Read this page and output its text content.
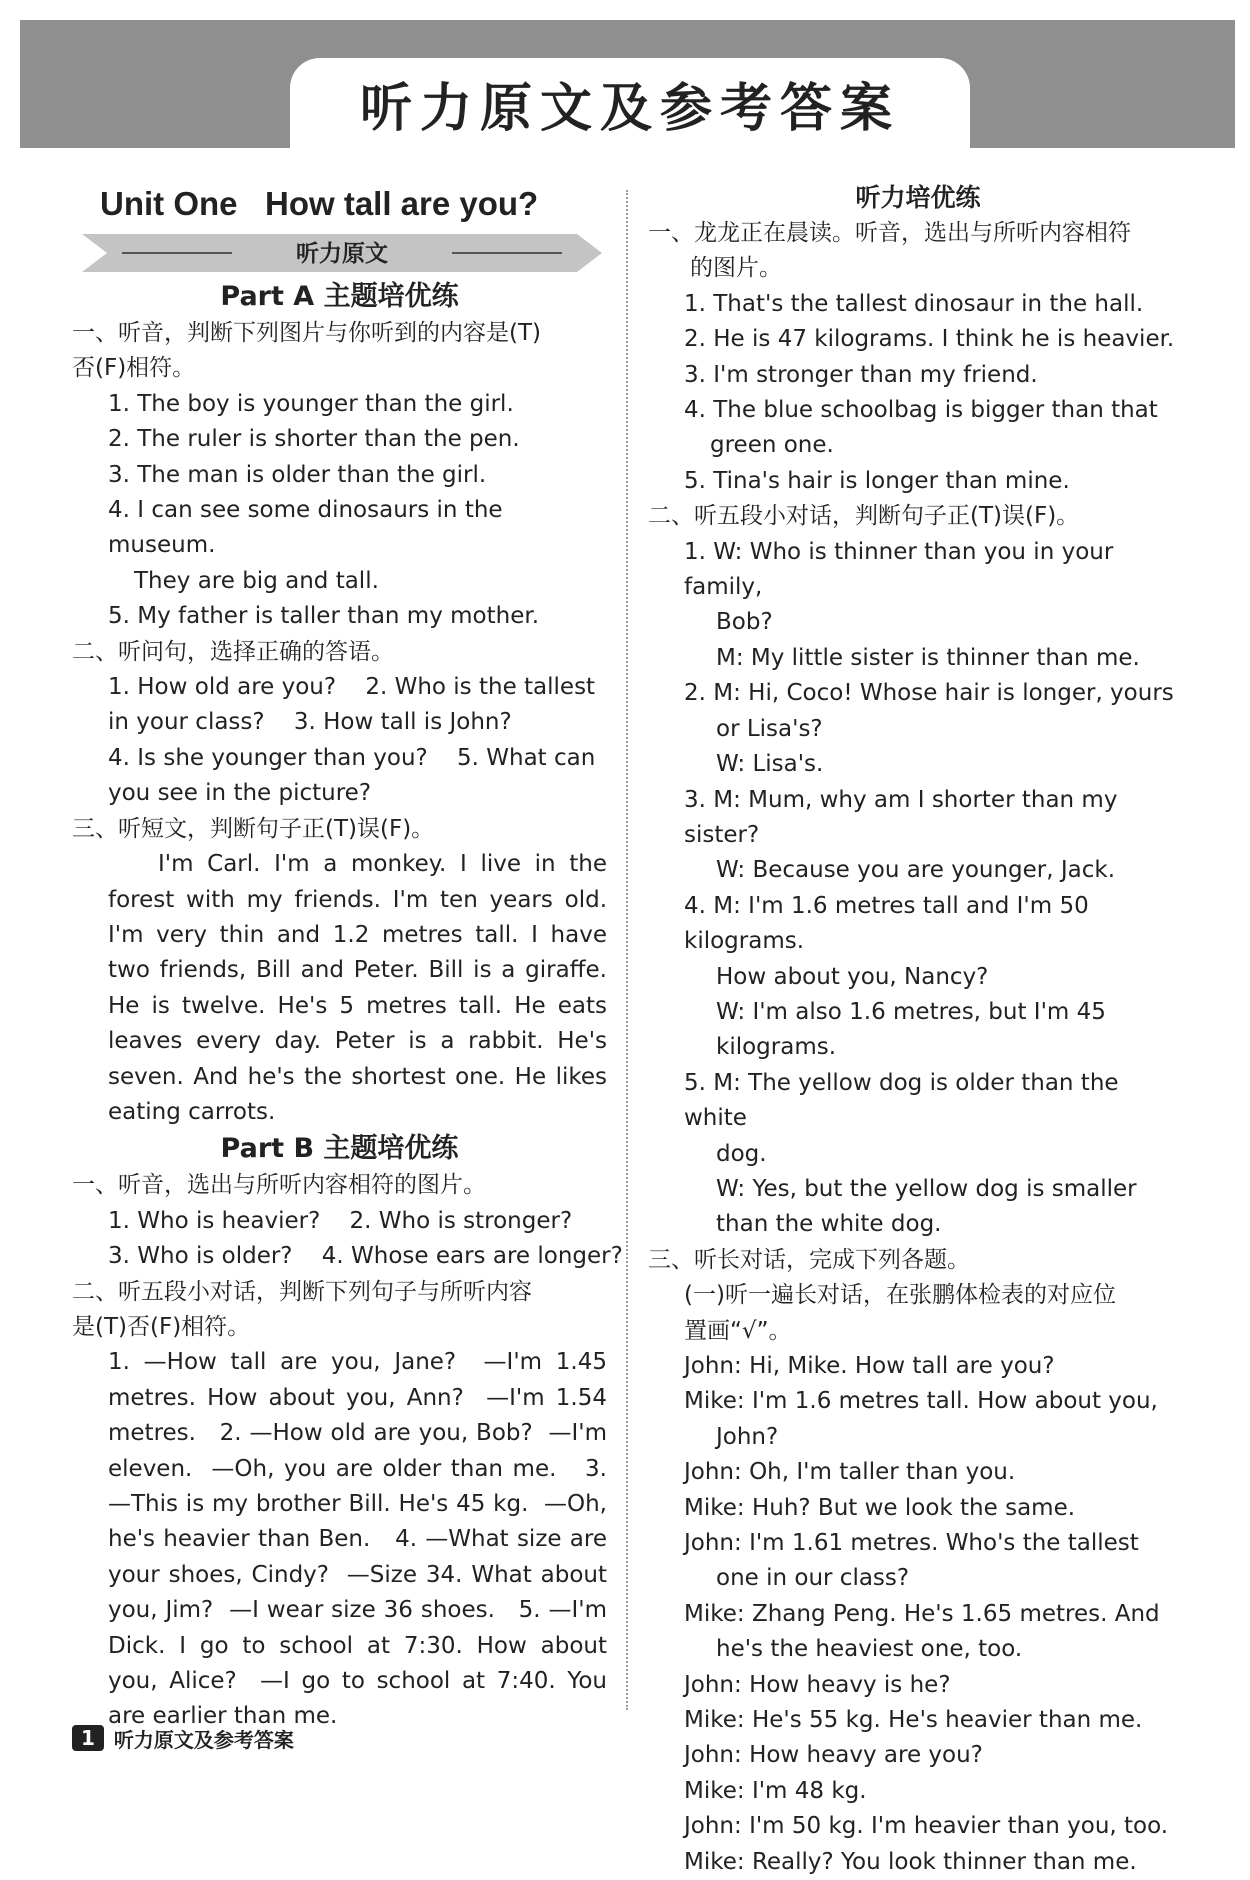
听力原文及参考答案
Unit One   How tall are you?
听力原文
Part A 主题培优练
一、听音，判断下列图片与你听到的内容是(T)
否(F)相符。
1. The boy is younger than the girl.
2. The ruler is shorter than the pen.
3. The man is older than the girl.
4. I can see some dinosaurs in the museum.
They are big and tall.
5. My father is taller than my mother.
二、听问句，选择正确的答语。
1. How old are you?    2. Who is the tallest
in your class?    3. How tall is John?
4. Is she younger than you?    5. What can
you see in the picture?
三、听短文，判断句子正(T)误(F)。
I'm Carl. I'm a monkey. I live in the forest with my friends. I'm ten years old. I'm very thin and 1.2 metres tall. I have two friends, Bill and Peter. Bill is a giraffe. He is twelve. He's 5 metres tall. He eats leaves every day. Peter is a rabbit. He's seven. And he's the shortest one. He likes eating carrots.
Part B 主题培优练
一、听音，选出与所听内容相符的图片。
1. Who is heavier?    2. Who is stronger?
3. Who is older?    4. Whose ears are longer?
二、听五段小对话，判断下列句子与所听内容
是(T)否(F)相符。
1. —How tall are you, Jane?  —I'm 1.45 metres. How about you, Ann?  —I'm 1.54 metres.   2. —How old are you, Bob?  —I'm eleven.  —Oh, you are older than me.   3. —This is my brother Bill. He's 45 kg.  —Oh, he's heavier than Ben.   4. —What size are your shoes, Cindy?  —Size 34. What about you, Jim?  —I wear size 36 shoes.   5. —I'm Dick. I go to school at 7:30. How about you, Alice?  —I go to school at 7:40. You are earlier than me.
听力培优练
一、龙龙正在晨读。听音，选出与所听内容相符
的图片。
1. That's the tallest dinosaur in the hall.
2. He is 47 kilograms. I think he is heavier.
3. I'm stronger than my friend.
4. The blue schoolbag is bigger than that
green one.
5. Tina's hair is longer than mine.
二、听五段小对话，判断句子正(T)误(F)。
1. W: Who is thinner than you in your family,
Bob?
M: My little sister is thinner than me.
2. M: Hi, Coco! Whose hair is longer, yours
or Lisa's?
W: Lisa's.
3. M: Mum, why am I shorter than my sister?
W: Because you are younger, Jack.
4. M: I'm 1.6 metres tall and I'm 50 kilograms.
How about you, Nancy?
W: I'm also 1.6 metres, but I'm 45 kilograms.
5. M: The yellow dog is older than the white
dog.
W: Yes, but the yellow dog is smaller
than the white dog.
三、听长对话，完成下列各题。
(一)听一遍长对话，在张鹏体检表的对应位
置画“√”。
John: Hi, Mike. How tall are you?
Mike: I'm 1.6 metres tall. How about you,
John?
John: Oh, I'm taller than you.
Mike: Huh? But we look the same.
John: I'm 1.61 metres. Who's the tallest
one in our class?
Mike: Zhang Peng. He's 1.65 metres. And
he's the heaviest one, too.
John: How heavy is he?
Mike: He's 55 kg. He's heavier than me.
John: How heavy are you?
Mike: I'm 48 kg.
John: I'm 50 kg. I'm heavier than you, too.
Mike: Really? You look thinner than me.
1 听力原文及参考答案
